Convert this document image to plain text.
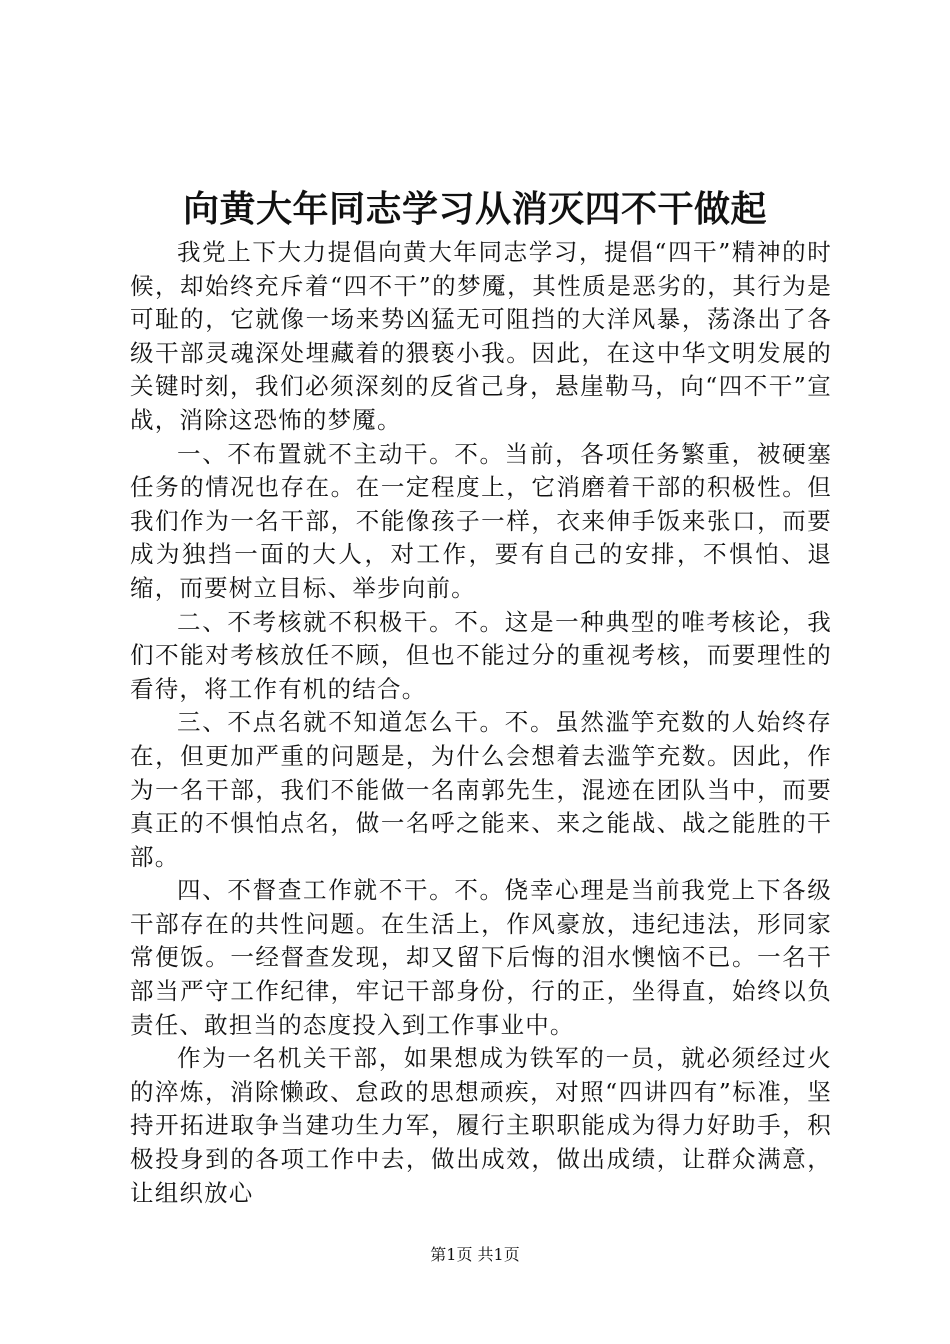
向黄大年同志学习从消灭四不干做起

我党上下大力提倡向黄大年同志学习，提倡“四干”精神的时候，却始终充斥着“四不干”的梦魇，其性质是恶劣的，其行为是可耻的，它就像一场来势凶猛无可阻挡的大洋风暴，荡涤出了各级干部灵魂深处埋藏着的猥亵小我。因此，在这中华文明发展的关键时刻，我们必须深刻的反省己身，悬崖勒马，向“四不干”宣战，消除这恐怖的梦魇。

一、不布置就不主动干。不。当前，各项任务繁重，被硬塞任务的情况也存在。在一定程度上，它消磨着干部的积极性。但我们作为一名干部，不能像孩子一样，衣来伸手饭来张口，而要成为独挡一面的大人，对工作，要有自己的安排，不惧怕、退缩，而要树立目标、举步向前。

二、不考核就不积极干。不。这是一种典型的唯考核论，我们不能对考核放任不顾，但也不能过分的重视考核，而要理性的看待，将工作有机的结合。

三、不点名就不知道怎么干。不。虽然滥竽充数的人始终存在，但更加严重的问题是，为什么会想着去滥竽充数。因此，作为一名干部，我们不能做一名南郭先生，混迹在团队当中，而要真正的不惧怕点名，做一名呼之能来、来之能战、战之能胜的干部。

四、不督查工作就不干。不。侥幸心理是当前我党上下各级干部存在的共性问题。在生活上，作风豪放，违纪违法，形同家常便饭。一经督查发现，却又留下后悔的泪水懊恼不已。一名干部当严守工作纪律，牢记干部身份，行的正，坐得直，始终以负责任、敢担当的态度投入到工作事业中。

作为一名机关干部，如果想成为铁军的一员，就必须经过火的淬炼，消除懒政、怠政的思想顽疾，对照“四讲四有”标准，坚持开拓进取争当建功生力军，履行主职职能成为得力好助手，积极投身到的各项工作中去，做出成效，做出成绩，让群众满意，让组织放心

第1页 共1页
